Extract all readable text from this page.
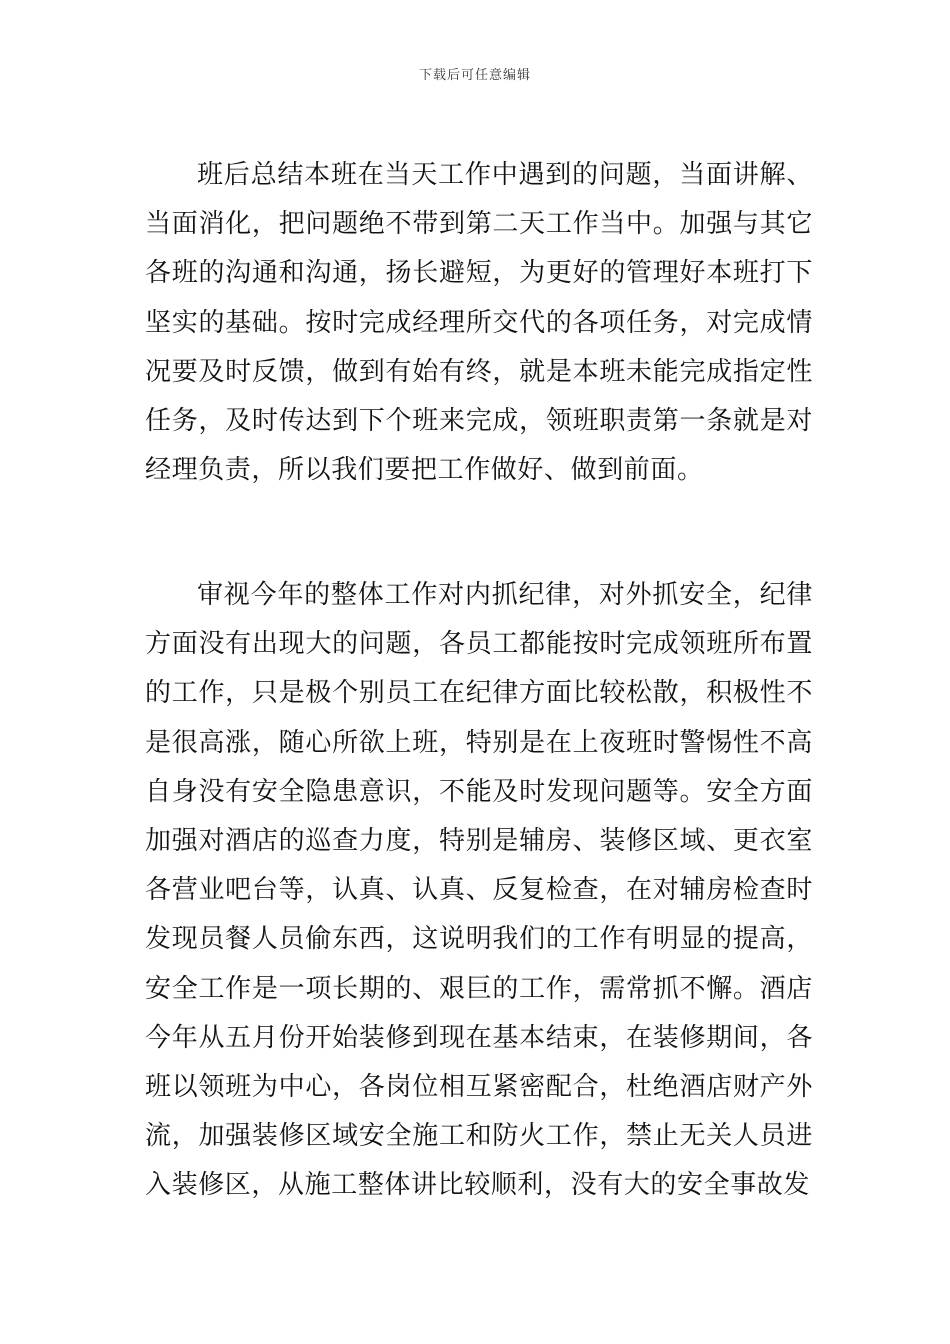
下载后可任意编辑

班后总结本班在当天工作中遇到的问题，当面讲解、当面消化，把问题绝不带到第二天工作当中。加强与其它各班的沟通和沟通，扬长避短，为更好的管理好本班打下坚实的基础。按时完成经理所交代的各项任务，对完成情况要及时反馈，做到有始有终，就是本班未能完成指定性任务，及时传达到下个班来完成，领班职责第一条就是对经理负责，所以我们要把工作做好、做到前面。

审视今年的整体工作对内抓纪律，对外抓安全，纪律方面没有出现大的问题，各员工都能按时完成领班所布置的工作，只是极个别员工在纪律方面比较松散，积极性不是很高涨，随心所欲上班，特别是在上夜班时警惕性不高自身没有安全隐患意识，不能及时发现问题等。安全方面加强对酒店的巡查力度，特别是辅房、装修区域、更衣室各营业吧台等，认真、认真、反复检查，在对辅房检查时发现员餐人员偷东西，这说明我们的工作有明显的提高，安全工作是一项长期的、艰巨的工作，需常抓不懈。酒店今年从五月份开始装修到现在基本结束，在装修期间，各班以领班为中心，各岗位相互紧密配合，杜绝酒店财产外流，加强装修区域安全施工和防火工作，禁止无关人员进入装修区，从施工整体讲比较顺利，没有大的安全事故发
